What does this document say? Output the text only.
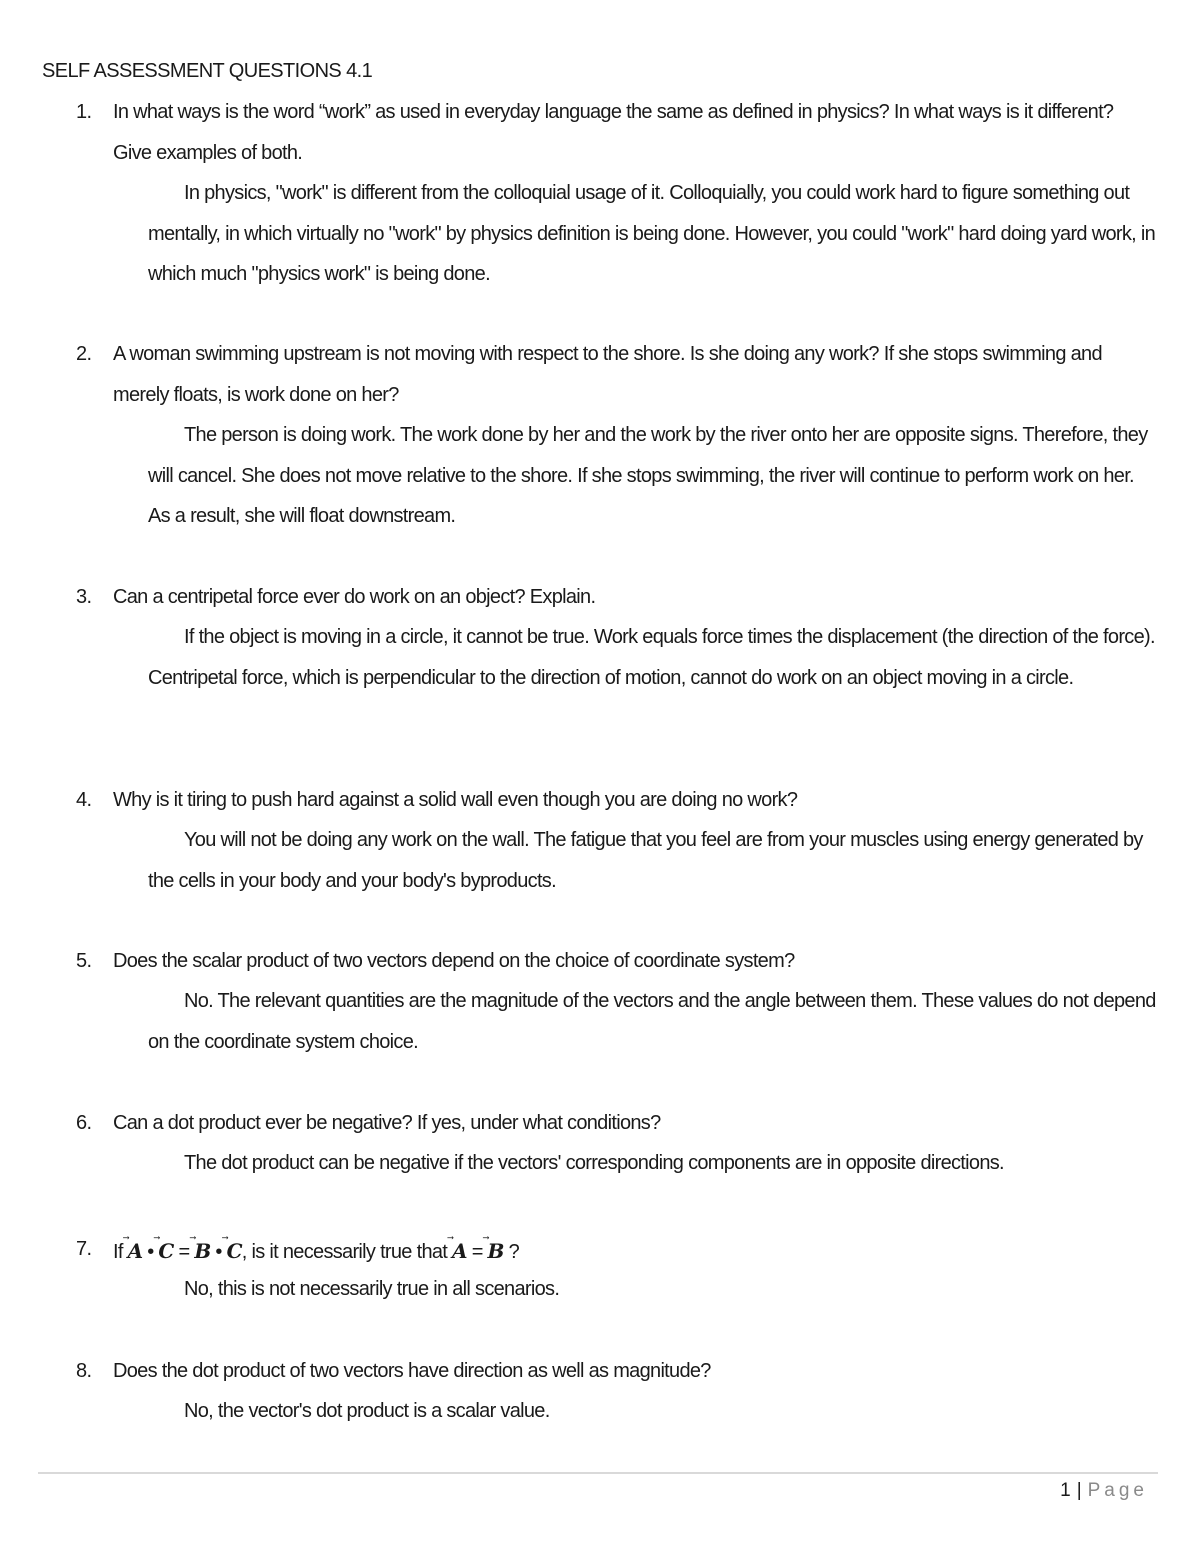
SELF ASSESSMENT QUESTIONS 4.1
1. In what ways is the word “work” as used in everyday language the same as defined in physics? In what ways is it different? Give examples of both.
In physics, "work" is different from the colloquial usage of it. Colloquially, you could work hard to figure something out mentally, in which virtually no "work" by physics definition is being done. However, you could "work" hard doing yard work, in which much "physics work" is being done.
2. A woman swimming upstream is not moving with respect to the shore. Is she doing any work? If she stops swimming and merely floats, is work done on her?
The person is doing work. The work done by her and the work by the river onto her are opposite signs. Therefore, they will cancel. She does not move relative to the shore. If she stops swimming, the river will continue to perform work on her. As a result, she will float downstream.
3. Can a centripetal force ever do work on an object? Explain.
If the object is moving in a circle, it cannot be true. Work equals force times the displacement (the direction of the force). Centripetal force, which is perpendicular to the direction of motion, cannot do work on an object moving in a circle.
4. Why is it tiring to push hard against a solid wall even though you are doing no work?
You will not be doing any work on the wall. The fatigue that you feel are from your muscles using energy generated by the cells in your body and your body's byproducts.
5. Does the scalar product of two vectors depend on the choice of coordinate system?
No. The relevant quantities are the magnitude of the vectors and the angle between them. These values do not depend on the coordinate system choice.
6. Can a dot product ever be negative? If yes, under what conditions?
The dot product can be negative if the vectors' corresponding components are in opposite directions.
7. If
A •
C =
B •
C, is it necessarily true that
A =
B ?
No, this is not necessarily true in all scenarios.
8. Does the dot product of two vectors have direction as well as magnitude?
No, the vector's dot product is a scalar value.
1 | Page
